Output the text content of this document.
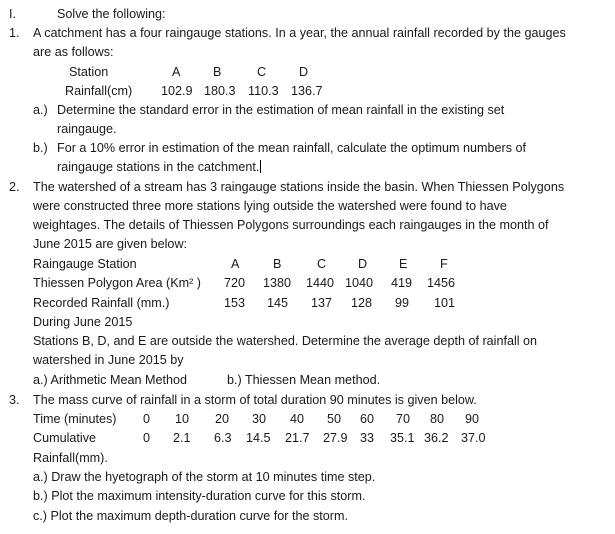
I.	Solve the following:
1. A catchment has a four raingauge stations. In a year, the annual rainfall recorded by the gauges
are as follows:
Station	A	B	C	D
Rainfall(cm) 102.9 180.3 110.3 136.7
a.) Determine the standard error in the estimation of mean rainfall in the existing set
raingauge.
b.) For a 10% error in estimation of the mean rainfall, calculate the optimum numbers of
raingauge stations in the catchment.
2. The watershed of a stream has 3 raingauge stations inside the basin. When Thiessen Polygons
were constructed three more stations lying outside the watershed were found to have
weightages. The details of Thiessen Polygons surroundings each raingauges in the month of
June 2015 are given below:
Raingauge Station	A	B	C	D	E	F
Thiessen Polygon Area (Km² ) 720 1380 1440 1040 419 1456
Recorded Rainfall (mm.)	153 145 137 128 99 101
During June 2015
Stations B, D, and E are outside the watershed. Determine the average depth of rainfall on
watershed in June 2015 by
a.) Arithmetic Mean Method	b.) Thiessen Mean method.
3. The mass curve of rainfall in a storm of total duration 90 minutes is given below.
Time (minutes) 0 10 20 30 40 50 60 70 80 90
Cumulative	0 2.1 6.3 14.5 21.7 27.9 33 35.1 36.2 37.0
Rainfall(mm).
a.) Draw the hyetograph of the storm at 10 minutes time step.
b.) Plot the maximum intensity-duration curve for this storm.
c.) Plot the maximum depth-duration curve for the storm.
